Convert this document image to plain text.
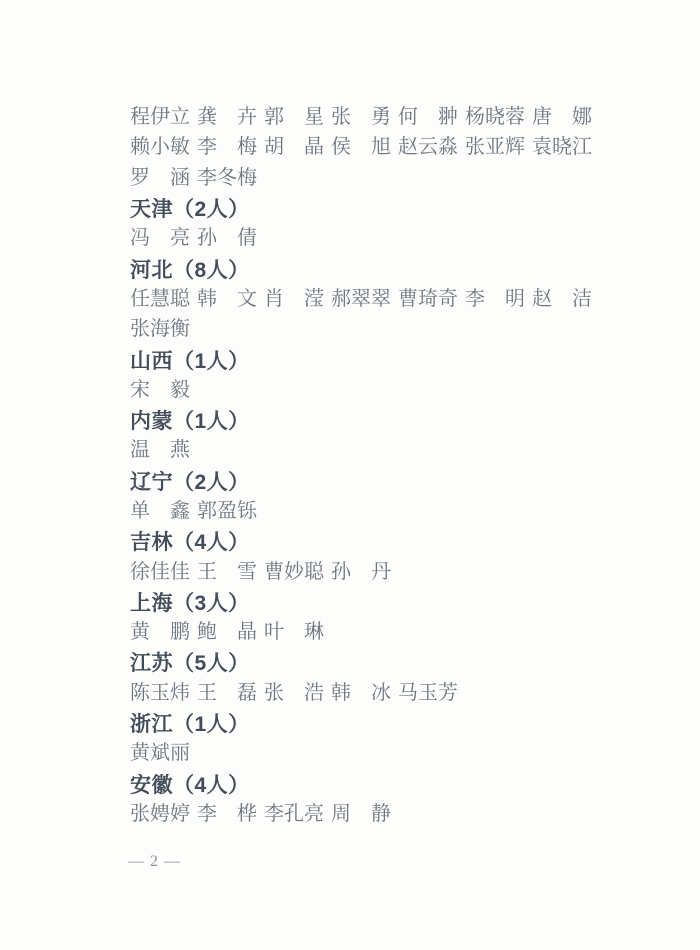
程 伊 立 龚 卉 郭 星 张 勇 何 翀 杨 晓 蓉 唐 娜
赖 小 敏 李 梅 胡 晶 侯 旭 赵 云 淼 张 亚 辉 袁 晓 江
罗 涵 李 冬 梅
天津 （2人）
冯 亮 孙 倩
河北 （8人）
任 慧 聪 韩 文 肖 滢 郝 翠 翠 曹 琦 奇 李 明 赵 洁
张 海 衡
山西 （1人）
宋 毅
内蒙 （1人）
温 燕
辽宁 （2人）
单 鑫 郭 盈 铄
吉林 （4人）
徐 佳 佳 王 雪 曹 妙 聪 孙 丹
上海 （3人）
黄 鹏 鲍 晶 叶 琳
江苏 （5人）
陈 玉 炜 王 磊 张 浩 韩 冰 马 玉 芳
浙江 （1人）
黄 斌 丽
安徽 （4人）
张 娉 婷 李 桦 李 孔 亮 周 静
— 2 —
